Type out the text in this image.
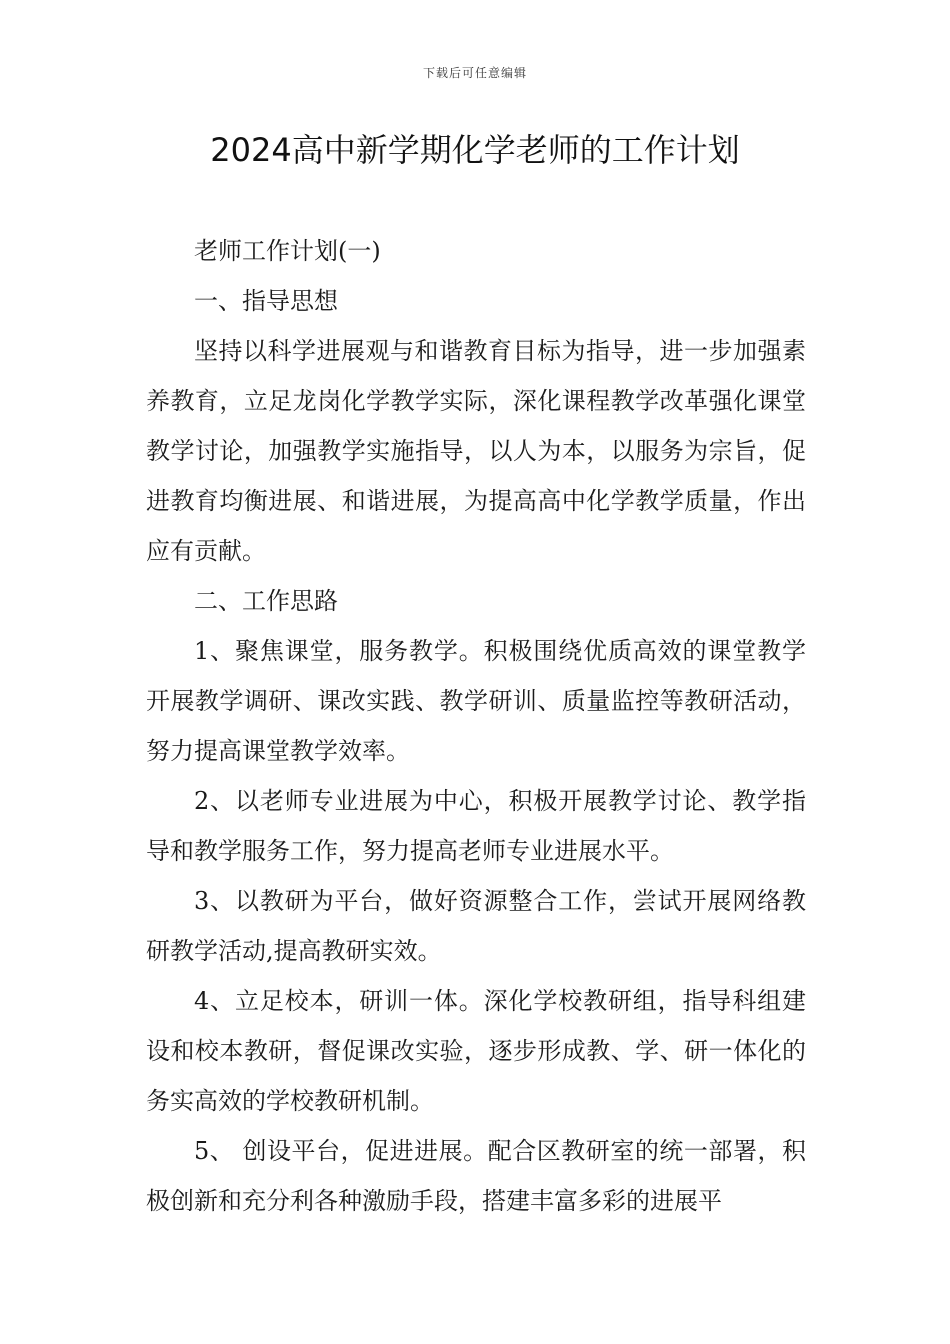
下载后可任意编辑
2024高中新学期化学老师的工作计划

老师工作计划(一)

一、指导思想

坚持以科学进展观与和谐教育目标为指导，进一步加强素养教育，立足龙岗化学教学实际，深化课程教学改革强化课堂教学讨论，加强教学实施指导，以人为本，以服务为宗旨，促进教育均衡进展、和谐进展，为提高高中化学教学质量，作出应有贡献。

二、工作思路

1、聚焦课堂，服务教学。积极围绕优质高效的课堂教学 开展教学调研、课改实践、教学研训、质量监控等教研活动，努力提高课堂教学效率。

2、以老师专业进展为中心，积极开展教学讨论、教学指导和教学服务工作，努力提高老师专业进展水平。

3、以教研为平台，做好资源整合工作，尝试开展网络教研教学活动,提高教研实效。

4、立足校本，研训一体。深化学校教研组，指导科组建设和校本教研，督促课改实验，逐步形成教、学、研一体化的务实高效的学校教研机制。

5、 创设平台，促进进展。配合区教研室的统一部署，积极创新和充分利各种激励手段，搭建丰富多彩的进展平
